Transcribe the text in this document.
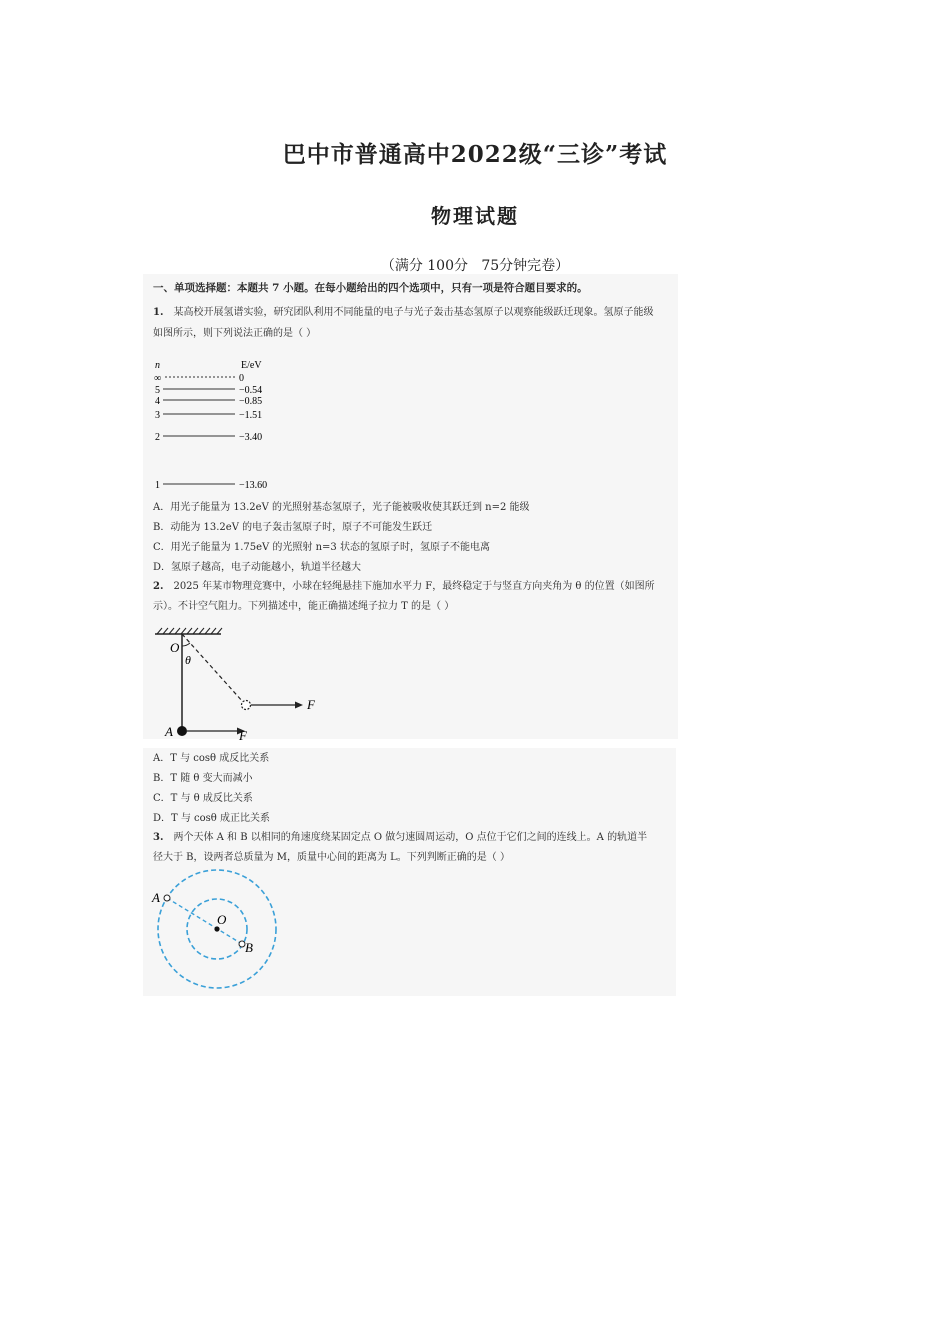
巴中市普通高中2022级“三诊”考试
物理试题
（满分 100分   75分钟完卷）
一、单项选择题：本题共 7 小题。在每小题给出的四个选项中，只有一项是符合题目要求的。
1. 某高校开展氢谱实验，研究团队利用不同能量的电子与光子轰击基态氢原子以观察能级跃迁现象。氢原子能级
如图所示，则下列说法正确的是（ ）
n	E/eV
∞	0
5	−0.54
4	−0.85
3	−1.51
2	−3.40
1	−13.60
A．用光子能量为 13.2eV 的光照射基态氢原子，光子能被吸收使其跃迁到 n=2 能级
B．动能为 13.2eV 的电子轰击氢原子时，原子不可能发生跃迁
C．用光子能量为 1.75eV 的光照射 n=3 状态的氢原子时，氢原子不能电离
D．氢原子越高，电子动能越小，轨道半径越大
2. 2025 年某市物理竞赛中，小球在轻绳悬挂下施加水平力 F，最终稳定于与竖直方向夹角为 θ 的位置（如图所
示）。不计空气阻力。下列描述中，能正确描述绳子拉力 T 的是（ ）
O
θ
F
A	F
A．T 与 cosθ 成反比关系
B．T 随 θ 变大而减小
C．T 与 θ 成反比关系
D．T 与 cosθ 成正比关系
3. 两个天体 A 和 B 以相同的角速度绕某固定点 O 做匀速圆周运动，O 点位于它们之间的连线上。A 的轨道半
径大于 B，设两者总质量为 M，质量中心间的距离为 L。下列判断正确的是（ ）
A
O
B
